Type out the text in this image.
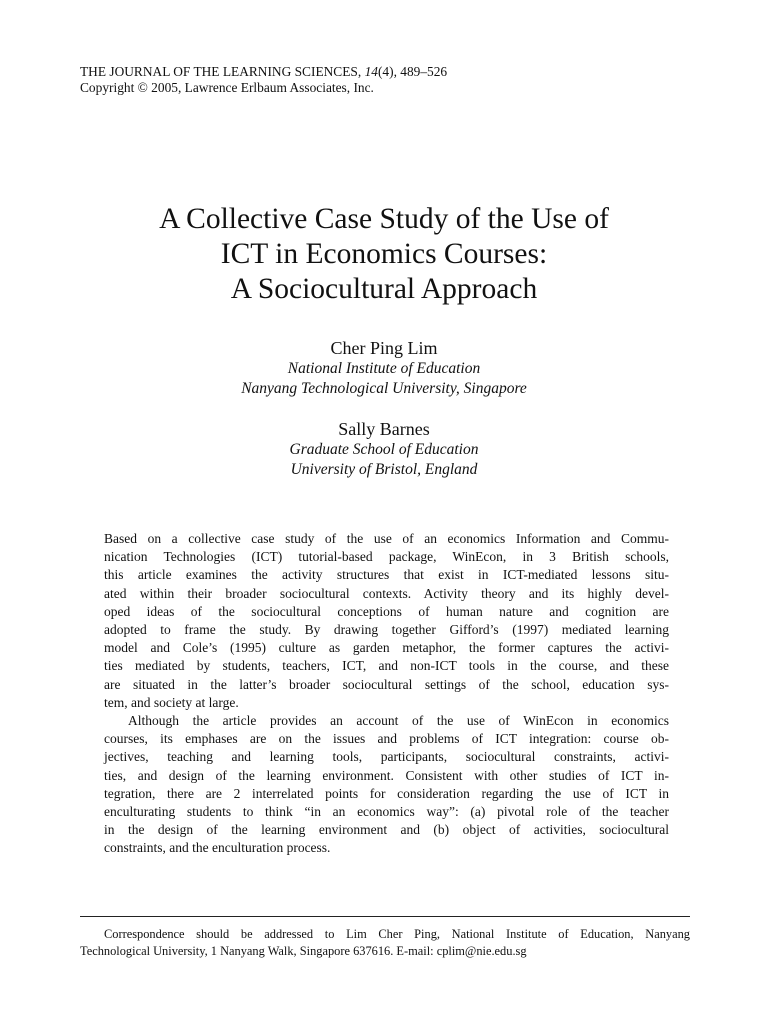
THE JOURNAL OF THE LEARNING SCIENCES, 14(4), 489–526
Copyright © 2005, Lawrence Erlbaum Associates, Inc.
A Collective Case Study of the Use of
ICT in Economics Courses:
A Sociocultural Approach
Cher Ping Lim
National Institute of Education
Nanyang Technological University, Singapore
Sally Barnes
Graduate School of Education
University of Bristol, England
Based on a collective case study of the use of an economics Information and Commu-
nication Technologies (ICT) tutorial-based package, WinEcon, in 3 British schools,
this article examines the activity structures that exist in ICT-mediated lessons situ-
ated within their broader sociocultural contexts. Activity theory and its highly devel-
oped ideas of the sociocultural conceptions of human nature and cognition are
adopted to frame the study. By drawing together Gifford’s (1997) mediated learning
model and Cole’s (1995) culture as garden metaphor, the former captures the activi-
ties mediated by students, teachers, ICT, and non-ICT tools in the course, and these
are situated in the latter’s broader sociocultural settings of the school, education sys-
tem, and society at large.
Although the article provides an account of the use of WinEcon in economics
courses, its emphases are on the issues and problems of ICT integration: course ob-
jectives, teaching and learning tools, participants, sociocultural constraints, activi-
ties, and design of the learning environment. Consistent with other studies of ICT in-
tegration, there are 2 interrelated points for consideration regarding the use of ICT in
enculturating students to think “in an economics way”: (a) pivotal role of the teacher
in the design of the learning environment and (b) object of activities, sociocultural
constraints, and the enculturation process.
Correspondence should be addressed to Lim Cher Ping, National Institute of Education, Nanyang
Technological University, 1 Nanyang Walk, Singapore 637616. E-mail: cplim@nie.edu.sg
